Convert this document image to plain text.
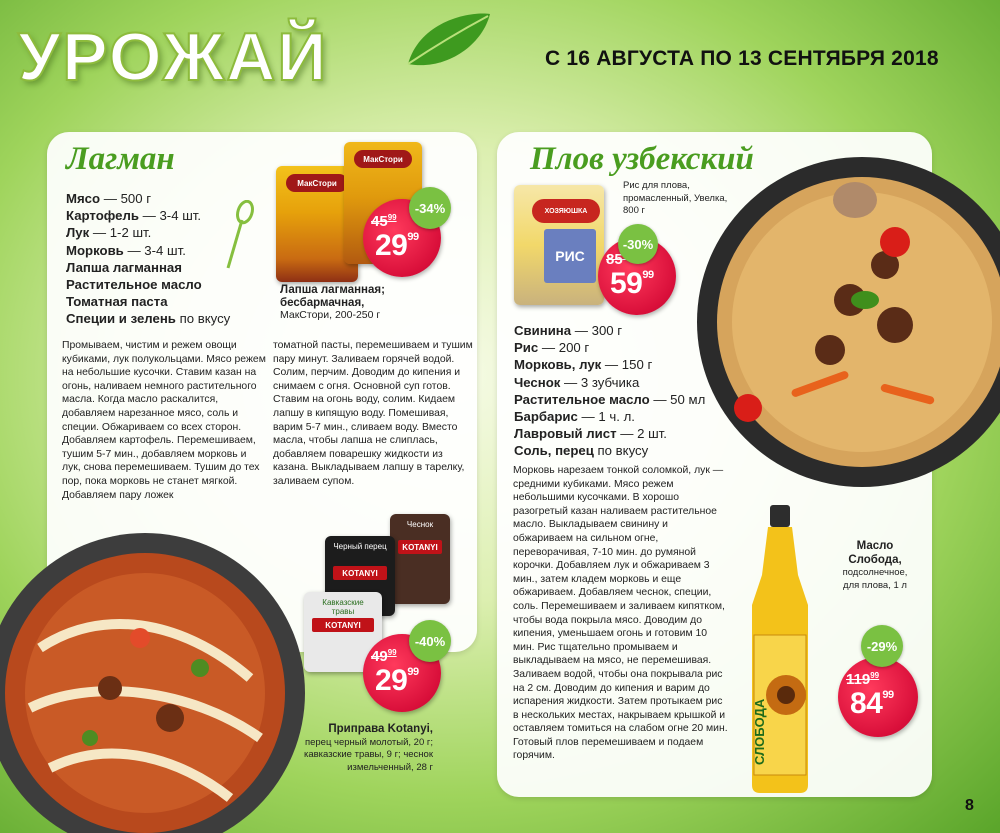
УРОЖАЙ	С 16 АВГУСТА ПО 13 СЕНТЯБРЯ 2018
Лагман
Мясо — 500 г
Картофель — 3-4 шт.
Лук — 1-2 шт.
Морковь — 3-4 шт.
Лапша лагманная
Растительное масло
Томатная паста
Специи и зелень по вкусу
Промываем, чистим и режем овощи кубиками, лук полукольцами. Мясо режем на небольшие кусочки. Ставим казан на огонь, наливаем немного растительного масла. Когда масло раскалится, добавляем нарезанное мясо, соль и специи. Обжариваем со всех сторон. Добавляем картофель. Перемешиваем, тушим 5-7 мин., добавляем морковь и лук, снова перемешиваем. Тушим до тех пор, пока морковь не станет мягкой. Добавляем пару ложек
томатной пасты, перемешиваем и тушим пару минут. Заливаем горячей водой. Солим, перчим. Доводим до кипения и снимаем с огня. Основной суп готов. Ставим на огонь воду, солим. Кидаем лапшу в кипящую воду. Помешивая, варим 5-7 мин., сливаем воду. Вместо масла, чтобы лапша не слиплась, добавляем поварешку жидкости из казана. Выкладываем лапшу в тарелку, заливаем супом.
МакСтори
МакСтори
$45^{99}$
$29^{99}$
-34%
Лапша лагманная; бесбармачная,
МакСтори, 200-250 г
Чеснок
KOTANYI
Черный перец
KOTANYI
Кавказские травы
KOTANYI
$49^{99}$
$29^{99}$
-40%
Приправа Kotanyi,
перец черный молотый, 20 г; кавказские травы, 9 г; чеснок измельченный, 28 г
Плов узбекский
ХОЗЯЮШКА
РИС
Рис для плова, промасленный, Увелка, 800 г
85
$59^{99}$
-30%
Свинина — 300 г
Рис — 200 г
Морковь, лук — 150 г
Чеснок — 3 зубчика
Растительное масло — 50 мл
Барбарис — 1 ч. л.
Лавровый лист — 2 шт.
Соль, перец по вкусу
Морковь нарезаем тонкой соломкой, лук — средними кубиками. Мясо режем небольшими кусочками. В хорошо разогретый казан наливаем растительное масло. Выкладываем свинину и обжариваем на сильном огне, переворачивая, 7-10 мин. до румяной корочки. Добавляем лук и обжариваем 3 мин., затем кладем морковь и еще обжариваем. Добавляем чеснок, специи, соль. Перемешиваем и заливаем кипятком, чтобы вода покрыла мясо. Доводим до кипения, уменьшаем огонь и готовим 10 мин. Рис тщательно промываем и выкладываем на мясо, не перемешивая. Заливаем водой, чтобы она покрывала рис на 2 см. Доводим до кипения и варим до испарения жидкости. Затем протыкаем рис в нескольких местах, накрываем крышкой и оставляем томиться на слабом огне 20 мин. Готовый плов перемешиваем и подаем горячим.	СЛОБОДА
Масло Слобода,
подсолнечное, для плова, 1 л
$119^{99}$
$84^{99}$
-29%
8
